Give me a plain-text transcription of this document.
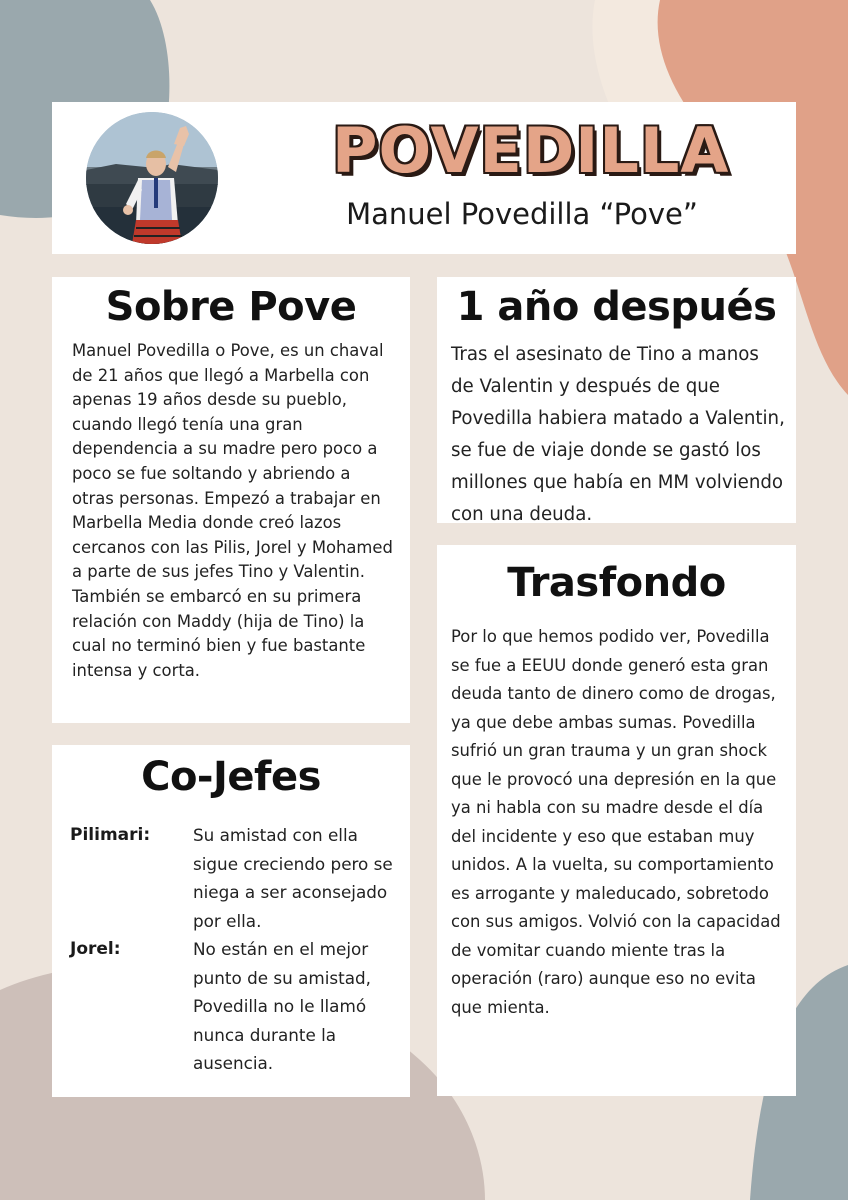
POVEDILLA
Manuel Povedilla “Pove”
Sobre Pove
Manuel Povedilla o Pove, es un chaval de 21 años que llegó a Marbella con apenas 19 años desde su pueblo, cuando llegó tenía una gran dependencia a su madre pero poco a poco se fue soltando y abriendo a otras personas. Empezó a trabajar en Marbella Media donde creó lazos cercanos con las Pilis, Jorel y Mohamed a parte de sus jefes Tino y Valentin. También se embarcó en su primera relación con Maddy (hija de Tino) la cual no terminó bien y fue bastante intensa y corta.
1 año después
Tras el asesinato de Tino a manos de Valentin y después de que Povedilla habiera matado a Valentin, se fue de viaje donde se gastó los millones que había en MM volviendo con una deuda.
Trasfondo
Por lo que hemos podido ver, Povedilla se fue a EEUU donde generó esta gran deuda tanto de dinero como de drogas, ya que debe ambas sumas. Povedilla sufrió un gran trauma y un gran shock que le provocó una depresión en la que ya ni habla con su madre desde el día del incidente y eso que estaban muy unidos. A la vuelta, su comportamiento es arrogante y maleducado, sobretodo con sus amigos. Volvió con la capacidad de vomitar cuando miente tras la operación (raro) aunque eso no evita que mienta.
Co-Jefes
Pilimari:	Su amistad con ella sigue creciendo pero se niega a ser aconsejado por ella.
Jorel:	No están en el mejor punto de su amistad, Povedilla no le llamó nunca durante la ausencia.
